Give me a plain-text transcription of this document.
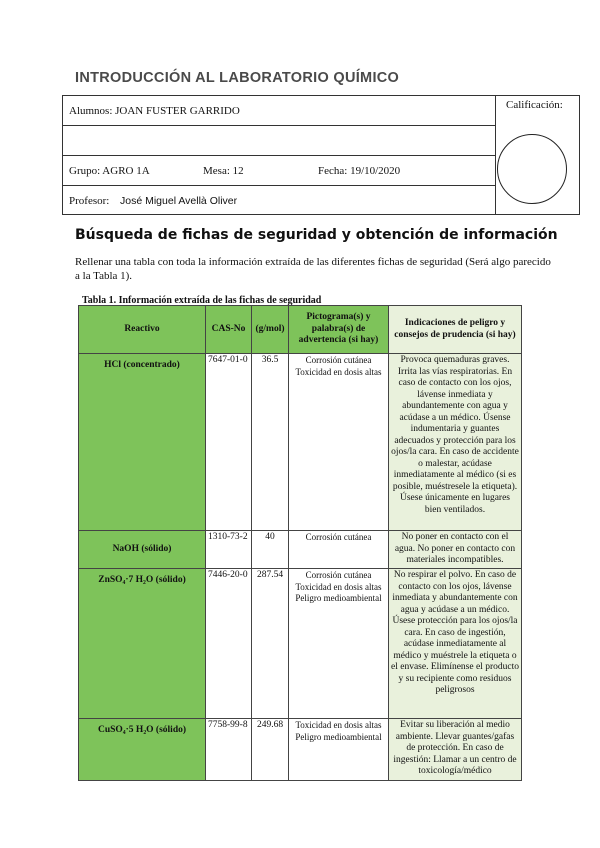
INTRODUCCIÓN AL LABORATORIO QUÍMICO
Alumnos: JOAN FUSTER GARRIDO
Grupo: AGRO 1A	Mesa: 12	Fecha: 19/10/2020
Profesor: José Miguel Avellà Oliver
Calificación:
Búsqueda de fichas de seguridad y obtención de información
Rellenar una tabla con toda la información extraída de las diferentes fichas de seguridad (Será algo parecido a la Tabla 1).
Tabla 1. Información extraída de las fichas de seguridad
Reactivo	CAS-No	(g/mol)	Pictograma(s) y palabra(s) de advertencia (si hay)	Indicaciones de peligro y consejos de prudencia (si hay)
HCl (concentrado)	7647-01-0	36.5	Corrosión cutánea Toxicidad en dosis altas	Provoca quemaduras graves. Irrita las vías respiratorias. En caso de contacto con los ojos, lávense inmediata y abundantemente con agua y acúdase a un médico. Úsense indumentaria y guantes adecuados y protección para los ojos/la cara. En caso de accidente o malestar, acúdase inmediatamente al médico (si es posible, muéstresele la etiqueta). Úsese únicamente en lugares bien ventilados.
NaOH (sólido)	1310-73-2	40	Corrosión cutánea	No poner en contacto con el agua. No poner en contacto con materiales incompatibles.
ZnSO₄·7 H₂O (sólido)	7446-20-0	287.54	Corrosión cutánea Toxicidad en dosis altas Peligro medioambiental	No respirar el polvo. En caso de contacto con los ojos, lávense inmediata y abundantemente con agua y acúdase a un médico. Úsese protección para los ojos/la cara. En caso de ingestión, acúdase inmediatamente al médico y muéstrele la etiqueta o el envase. Elimínense el producto y su recipiente como residuos peligrosos
CuSO₄·5 H₂O (sólido)	7758-99-8	249.68	Toxicidad en dosis altas Peligro medioambiental	Evitar su liberación al medio ambiente. Llevar guantes/gafas de protección. En caso de ingestión: Llamar a un centro de toxicología/médico
